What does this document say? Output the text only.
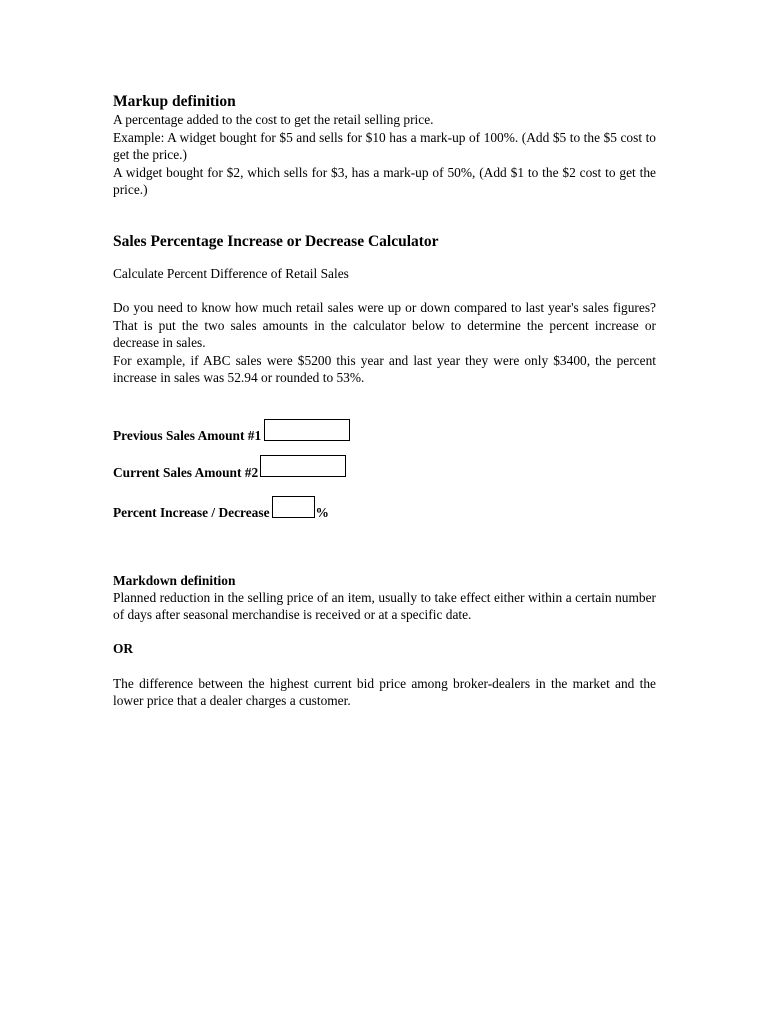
Markup definition

A percentage added to the cost to get the retail selling price.

Example: A widget bought for $5 and sells for $10 has a mark-up of 100%. (Add $5 to the $5 cost to get the price.)

A widget bought for $2, which sells for $3, has a mark-up of 50%, (Add $1 to the $2 cost to get the price.)

Sales Percentage Increase or Decrease Calculator

Calculate Percent Difference of Retail Sales

Do you need to know how much retail sales were up or down compared to last year's sales figures? That is put the two sales amounts in the calculator below to determine the percent increase or decrease in sales.

For example, if ABC sales were $5200 this year and last year they were only $3400, the percent increase in sales was 52.94 or rounded to 53%.

Previous Sales Amount #1
Current Sales Amount #2
Percent Increase / Decrease	%
Markdown definition

Planned reduction in the selling price of an item, usually to take effect either within a certain number of days after seasonal merchandise is received or at a specific date.

OR

The difference between the highest current bid price among broker-dealers in the market and the lower price that a dealer charges a customer.
